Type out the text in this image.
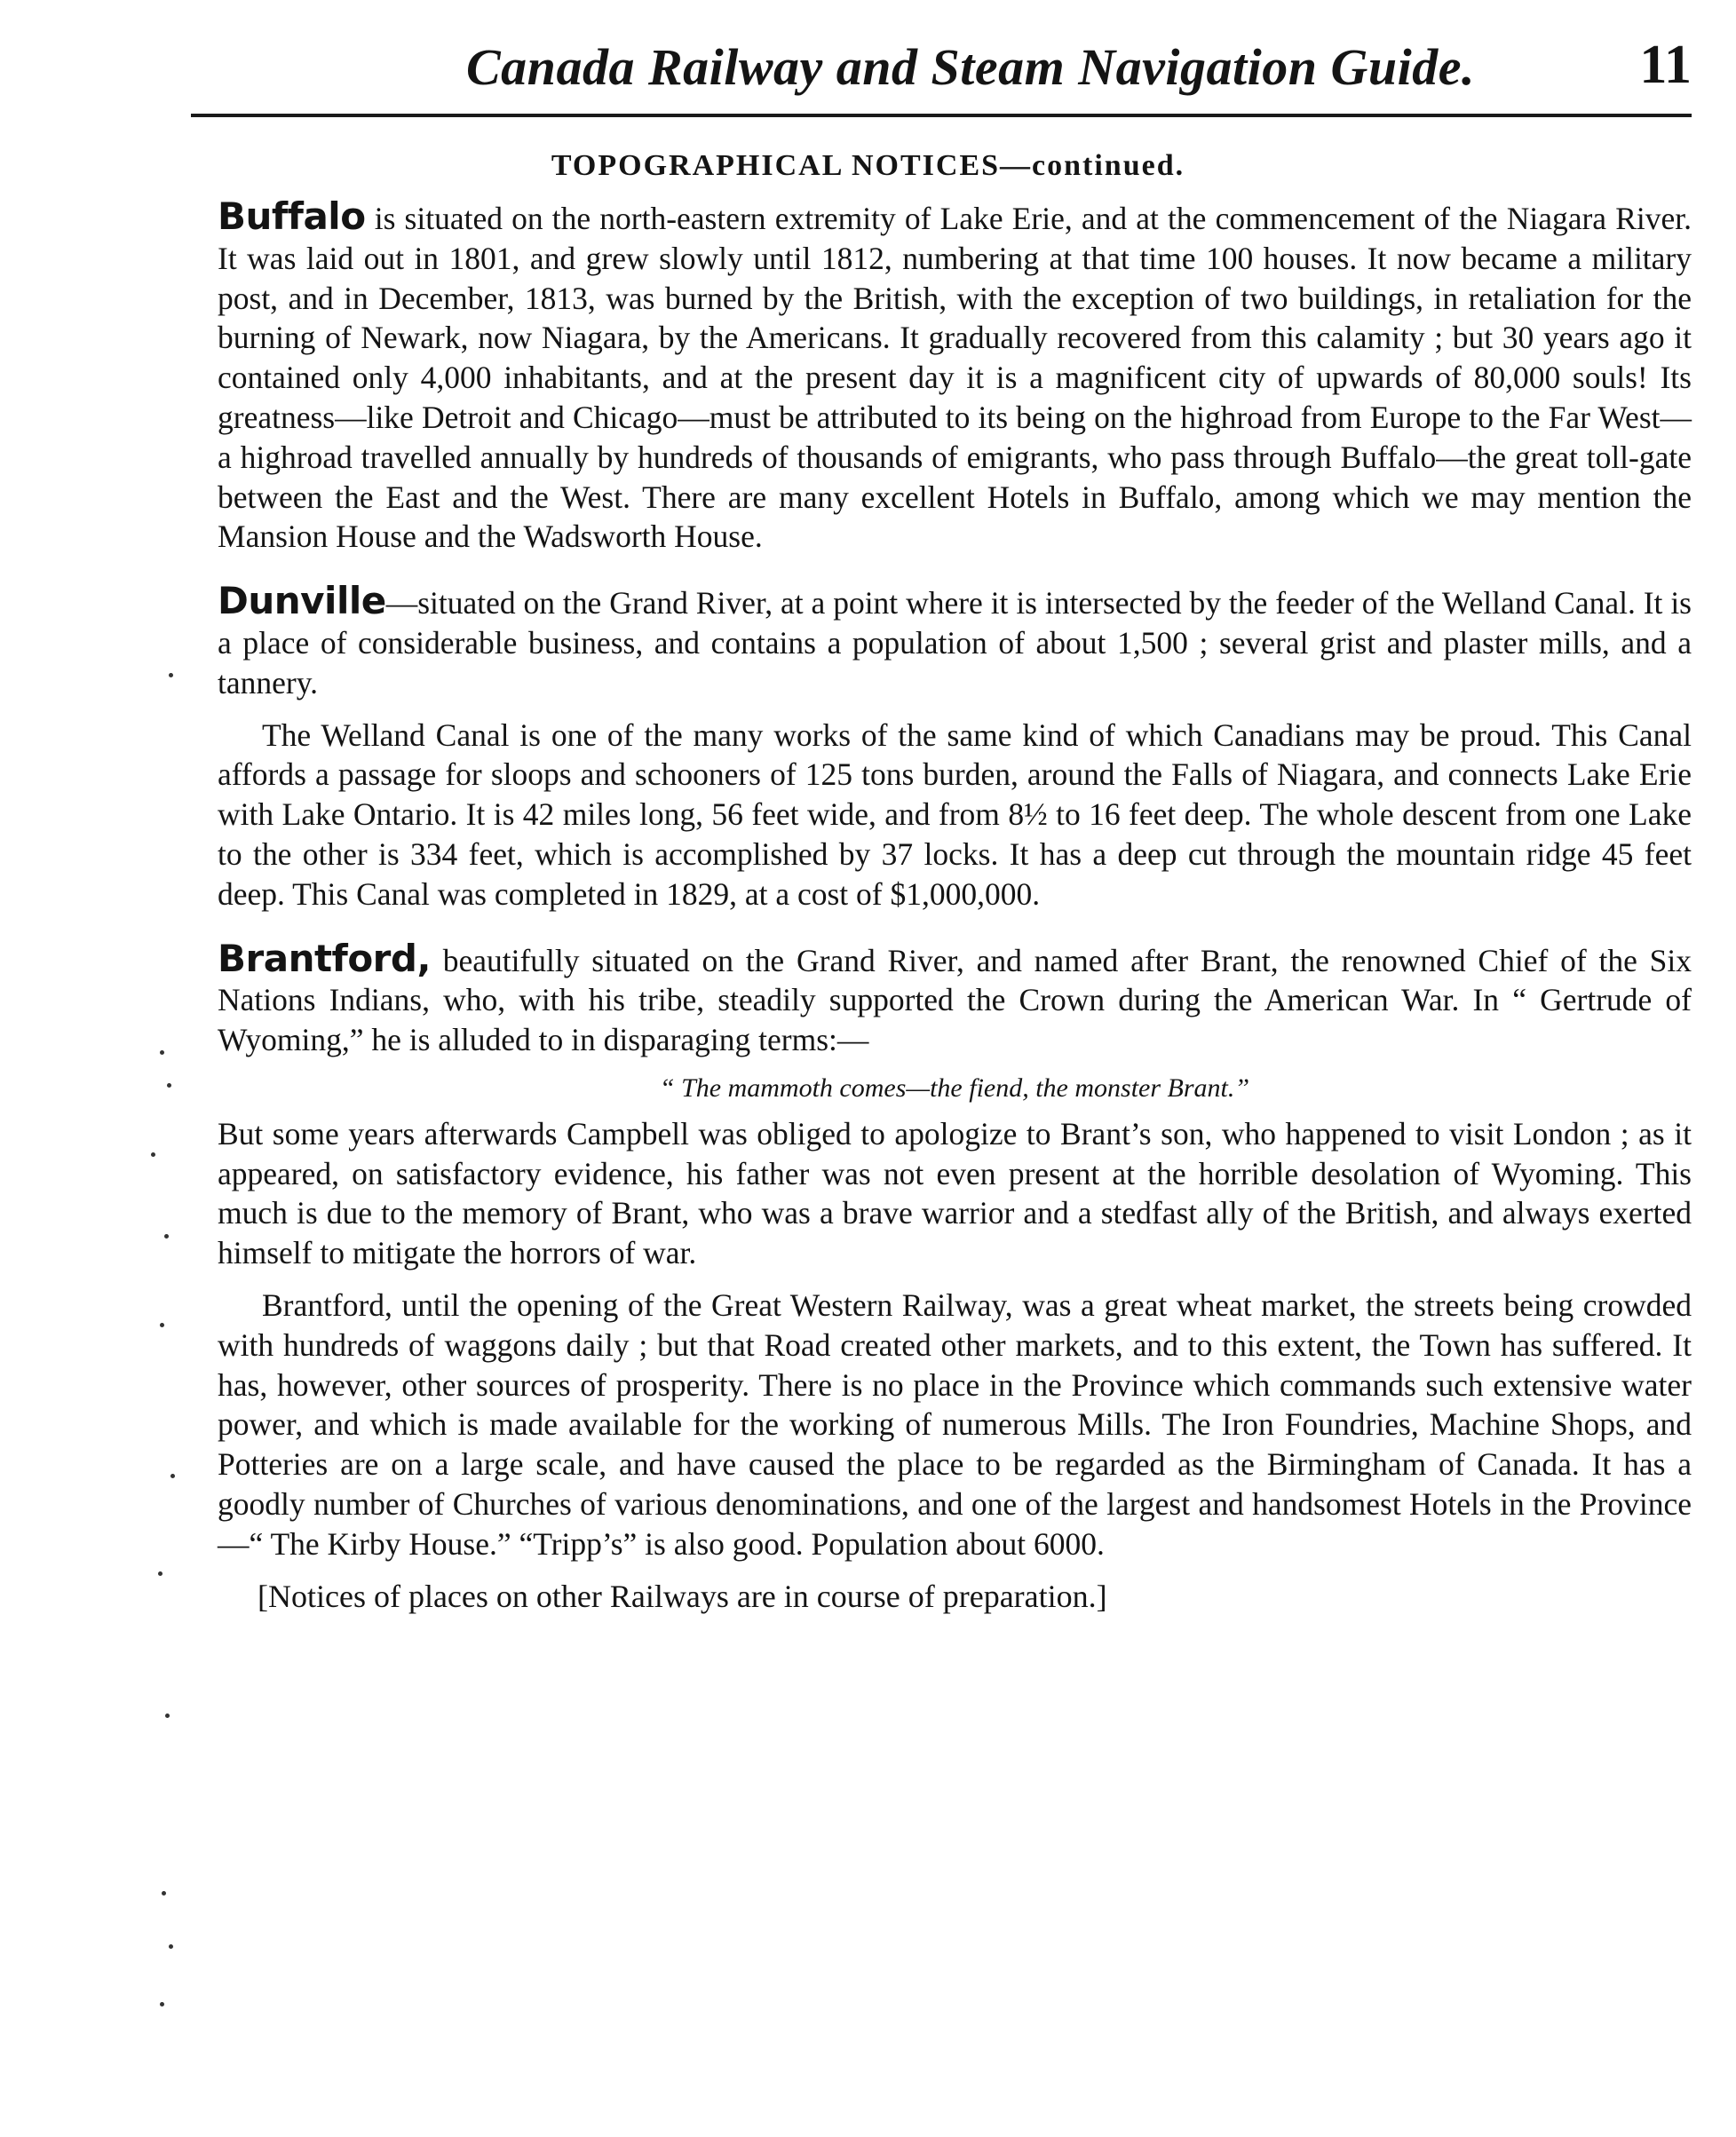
Canada Railway and Steam Navigation Guide.	11
TOPOGRAPHICAL NOTICES—continued.

Buffalo is situated on the north-eastern extremity of Lake Erie, and at the commencement of the Niagara River. It was laid out in 1801, and grew slowly until 1812, numbering at that time 100 houses. It now became a military post, and in December, 1813, was burned by the British, with the exception of two buildings, in retaliation for the burning of Newark, now Niagara, by the Americans. It gradually recovered from this calamity ; but 30 years ago it contained only 4,000 inhabitants, and at the present day it is a magnificent city of upwards of 80,000 souls! Its greatness—like Detroit and Chicago—must be attributed to its being on the highroad from Europe to the Far West—a highroad travelled annually by hundreds of thousands of emigrants, who pass through Buffalo—the great toll-gate between the East and the West. There are many excellent Hotels in Buffalo, among which we may mention the Mansion House and the Wadsworth House.

Dunville—situated on the Grand River, at a point where it is intersected by the feeder of the Welland Canal. It is a place of considerable business, and contains a population of about 1,500 ; several grist and plaster mills, and a tannery.

The Welland Canal is one of the many works of the same kind of which Canadians may be proud. This Canal affords a passage for sloops and schooners of 125 tons burden, around the Falls of Niagara, and connects Lake Erie with Lake Ontario. It is 42 miles long, 56 feet wide, and from 8½ to 16 feet deep. The whole descent from one Lake to the other is 334 feet, which is accomplished by 37 locks. It has a deep cut through the mountain ridge 45 feet deep. This Canal was completed in 1829, at a cost of $1,000,000.

Brantford, beautifully situated on the Grand River, and named after Brant, the renowned Chief of the Six Nations Indians, who, with his tribe, steadily supported the Crown during the American War. In “ Gertrude of Wyoming,” he is alluded to in disparaging terms:—

“ The mammoth comes—the fiend, the monster Brant.”

But some years afterwards Campbell was obliged to apologize to Brant’s son, who happened to visit London ; as it appeared, on satisfactory evidence, his father was not even present at the horrible desolation of Wyoming. This much is due to the memory of Brant, who was a brave warrior and a stedfast ally of the British, and always exerted himself to mitigate the horrors of war.

Brantford, until the opening of the Great Western Railway, was a great wheat market, the streets being crowded with hundreds of waggons daily ; but that Road created other markets, and to this extent, the Town has suffered. It has, however, other sources of prosperity. There is no place in the Province which commands such extensive water power, and which is made available for the working of numerous Mills. The Iron Foundries, Machine Shops, and Potteries are on a large scale, and have caused the place to be regarded as the Birmingham of Canada. It has a goodly number of Churches of various denominations, and one of the largest and handsomest Hotels in the Province—“ The Kirby House.” “Tripp’s” is also good. Population about 6000.

[Notices of places on other Railways are in course of preparation.]
